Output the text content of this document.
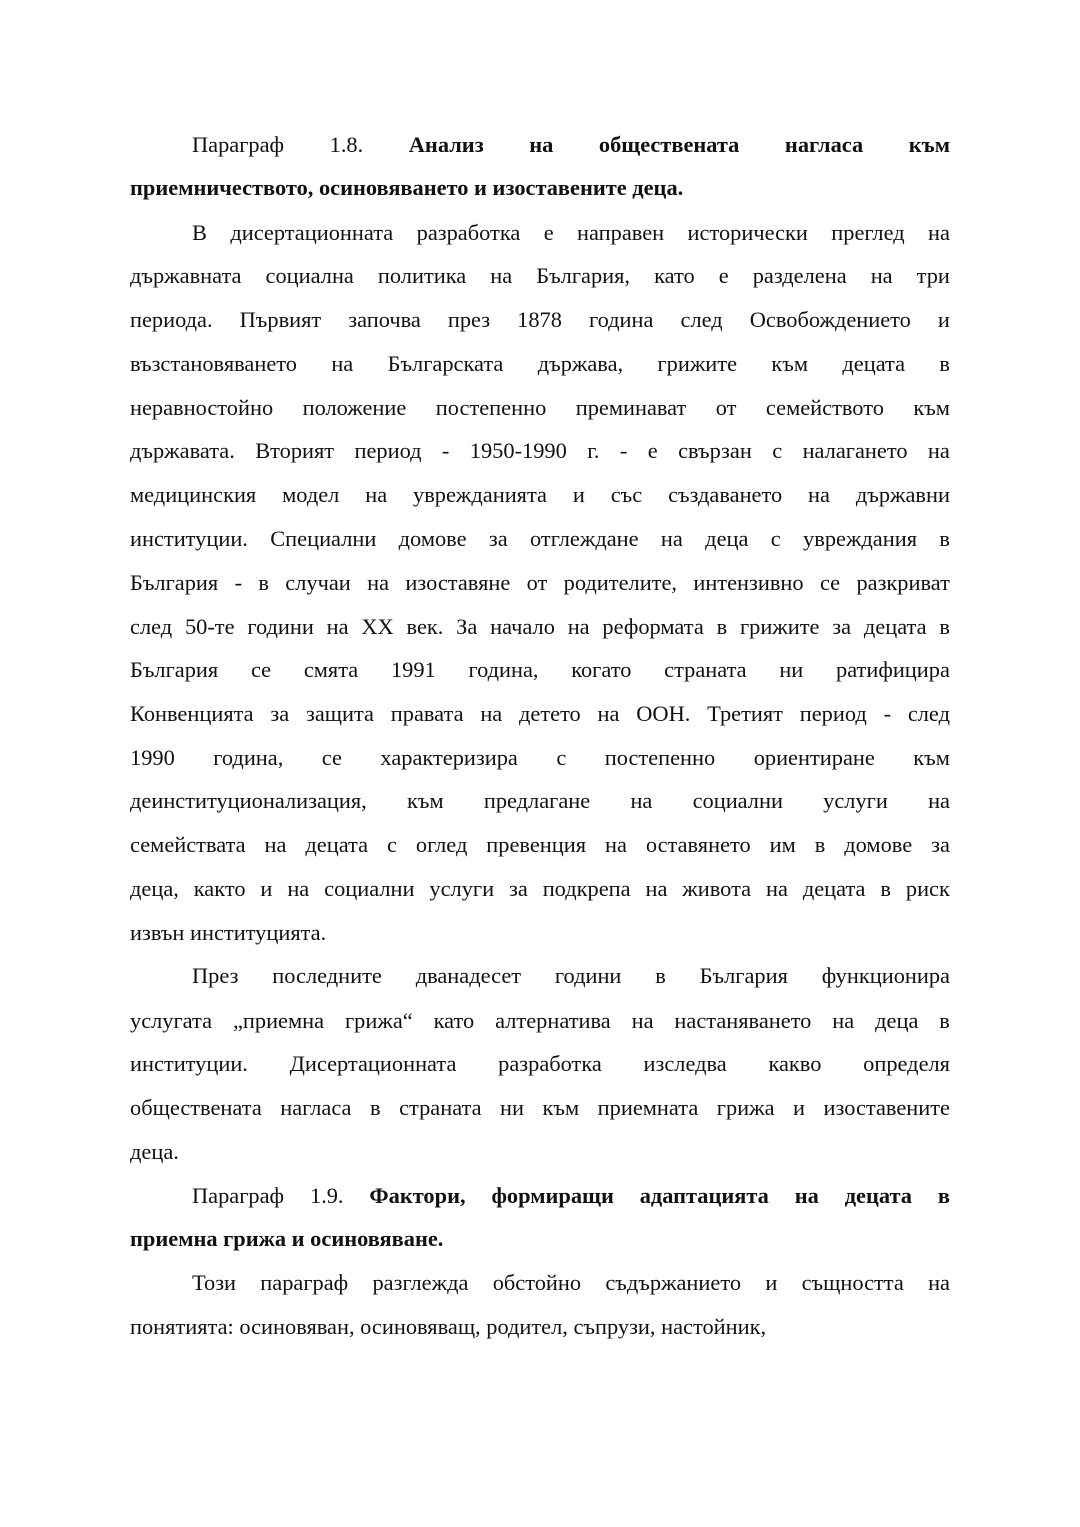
Параграф 1.8. Анализ на обществената нагласа към
приемничеството, осиновяването и изоставените деца.
В дисертационната разработка е направен исторически преглед на
държавната социална политика на България, като е разделена на три
периода. Първият започва през 1878 година след Освобождението и
възстановяването на Българската държава, грижите към децата в
неравностойно положение постепенно преминават от семейството към
държавата. Вторият период - 1950-1990 г. - е свързан с налагането на
медицинския модел на уврежданията и със създаването на държавни
институции. Специални домове за отглеждане на деца с увреждания в
България - в случаи на изоставяне от родителите, интензивно се разкриват
след 50-те години на XX век. За начало на реформата в грижите за децата в
България се смята 1991 година, когато страната ни ратифицира
Конвенцията за защита правата на детето на ООН. Третият период - след
1990 година, се характеризира с постепенно ориентиране към
деинституционализация, към предлагане на социални услуги на
семействата на децата с оглед превенция на оставянето им в домове за
деца, както и на социални услуги за подкрепа на живота на децата в риск
извън институцията.
През последните дванадесет години в България функционира
услугата „приемна грижа“ като алтернатива на настаняването на деца в
институции. Дисертационната разработка изследва какво определя
обществената нагласа в страната ни към приемната грижа и изоставените
деца.
Параграф 1.9. Фактори, формиращи адаптацията на децата в
приемна грижа и осиновяване.
Този параграф разглежда обстойно съдържанието и същността на
понятията: осиновяван, осиновяващ, родител, съпрузи, настойник,
